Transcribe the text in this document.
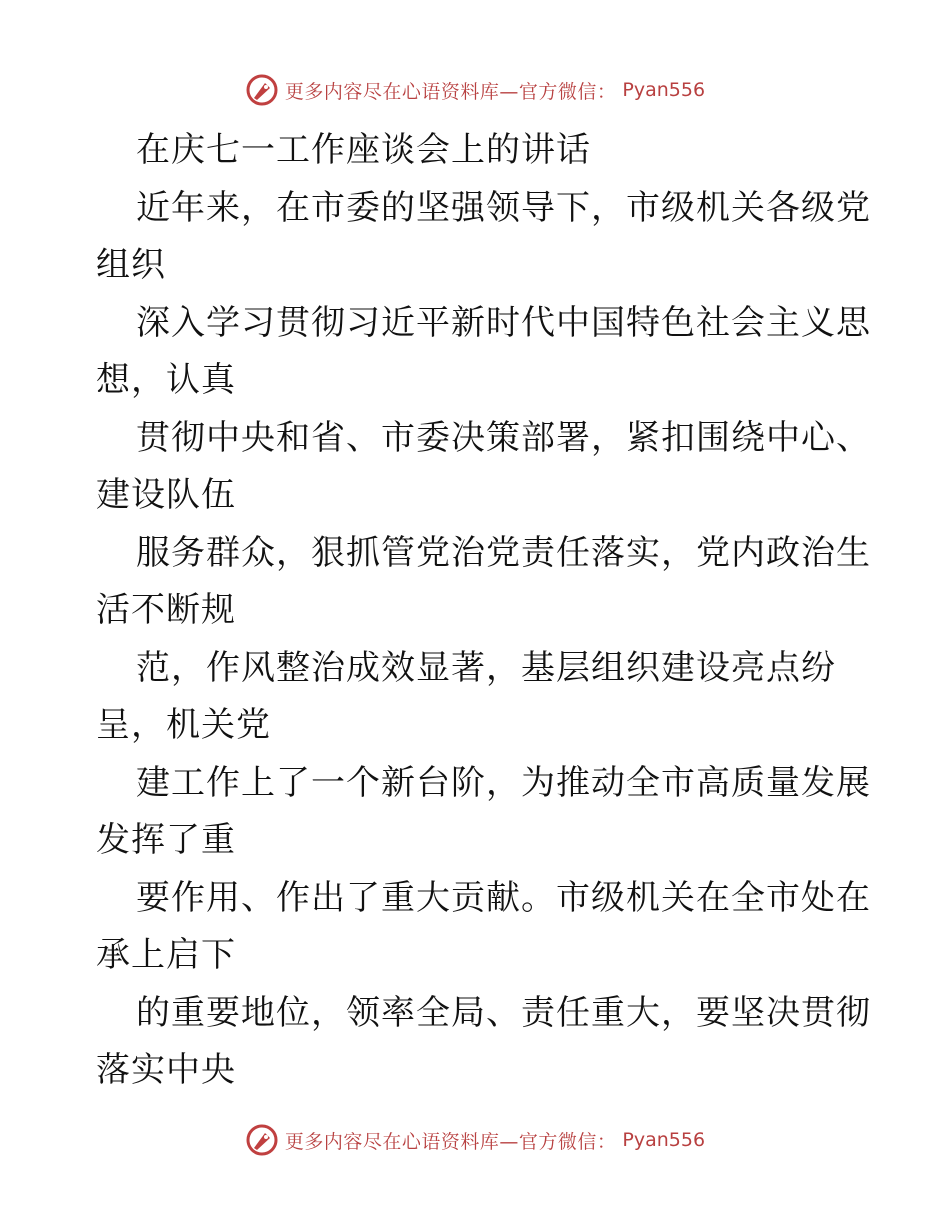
更多内容尽在心语资料库—官方微信： Pyan556
在庆七一工作座谈会上的讲话
近年来，在市委的坚强领导下，市级机关各级党
组织
深入学习贯彻习近平新时代中国特色社会主义思
想，认真
贯彻中央和省、市委决策部署，紧扣围绕中心、
建设队伍
服务群众，狠抓管党治党责任落实，党内政治生
活不断规
范，作风整治成效显著，基层组织建设亮点纷
呈，机关党
建工作上了一个新台阶，为推动全市高质量发展
发挥了重
要作用、作出了重大贡献。市级机关在全市处在
承上启下
的重要地位，领率全局、责任重大，要坚决贯彻
落实中央
更多内容尽在心语资料库—官方微信： Pyan556
